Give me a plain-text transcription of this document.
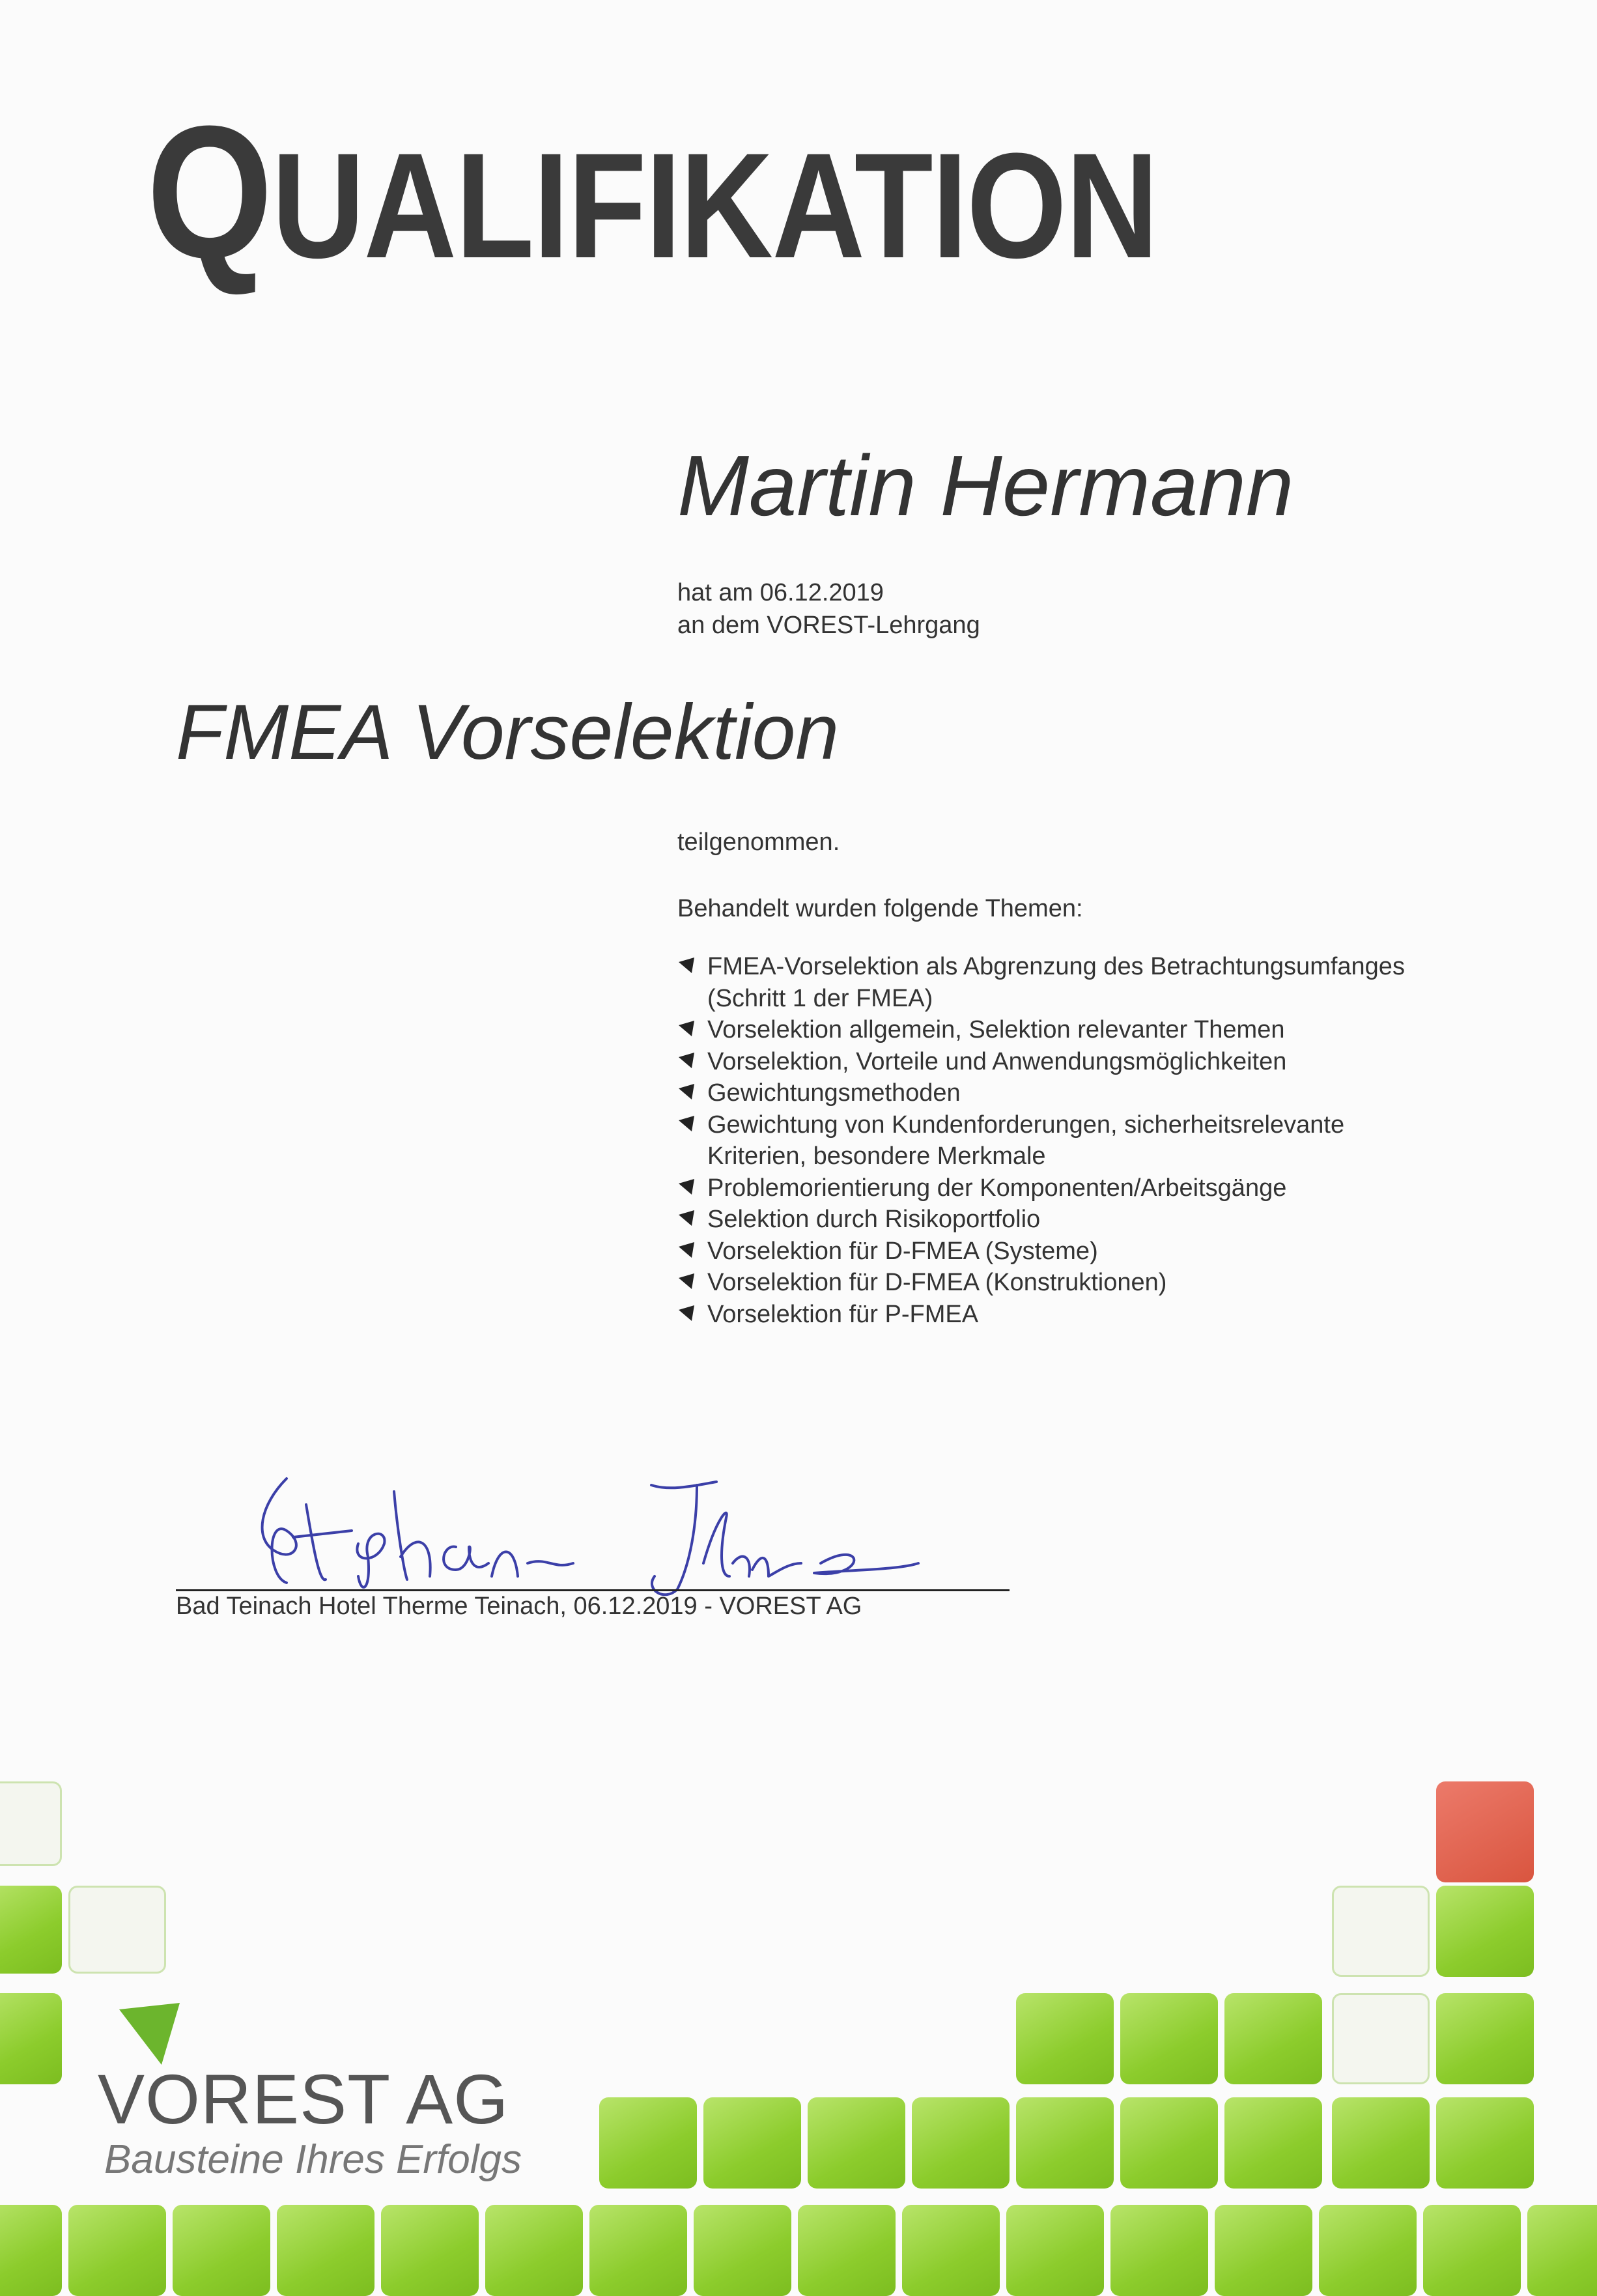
QUALIFIKATION
Martin Hermann
hat am 06.12.2019
an dem VOREST-Lehrgang
FMEA Vorselektion
teilgenommen.
Behandelt wurden folgende Themen:
FMEA-Vorselektion als Abgrenzung des Betrachtungsumfanges
(Schritt 1 der FMEA)
Vorselektion allgemein, Selektion relevanter Themen
Vorselektion, Vorteile und Anwendungsmöglichkeiten
Gewichtungsmethoden
Gewichtung von Kundenforderungen, sicherheitsrelevante
Kriterien, besondere Merkmale
Problemorientierung der Komponenten/Arbeitsgänge
Selektion durch Risikoportfolio
Vorselektion für D-FMEA (Systeme)
Vorselektion für D-FMEA (Konstruktionen)
Vorselektion für P-FMEA
Bad Teinach Hotel Therme Teinach, 06.12.2019 - VOREST AG
VOREST AG
Bausteine Ihres Erfolgs
